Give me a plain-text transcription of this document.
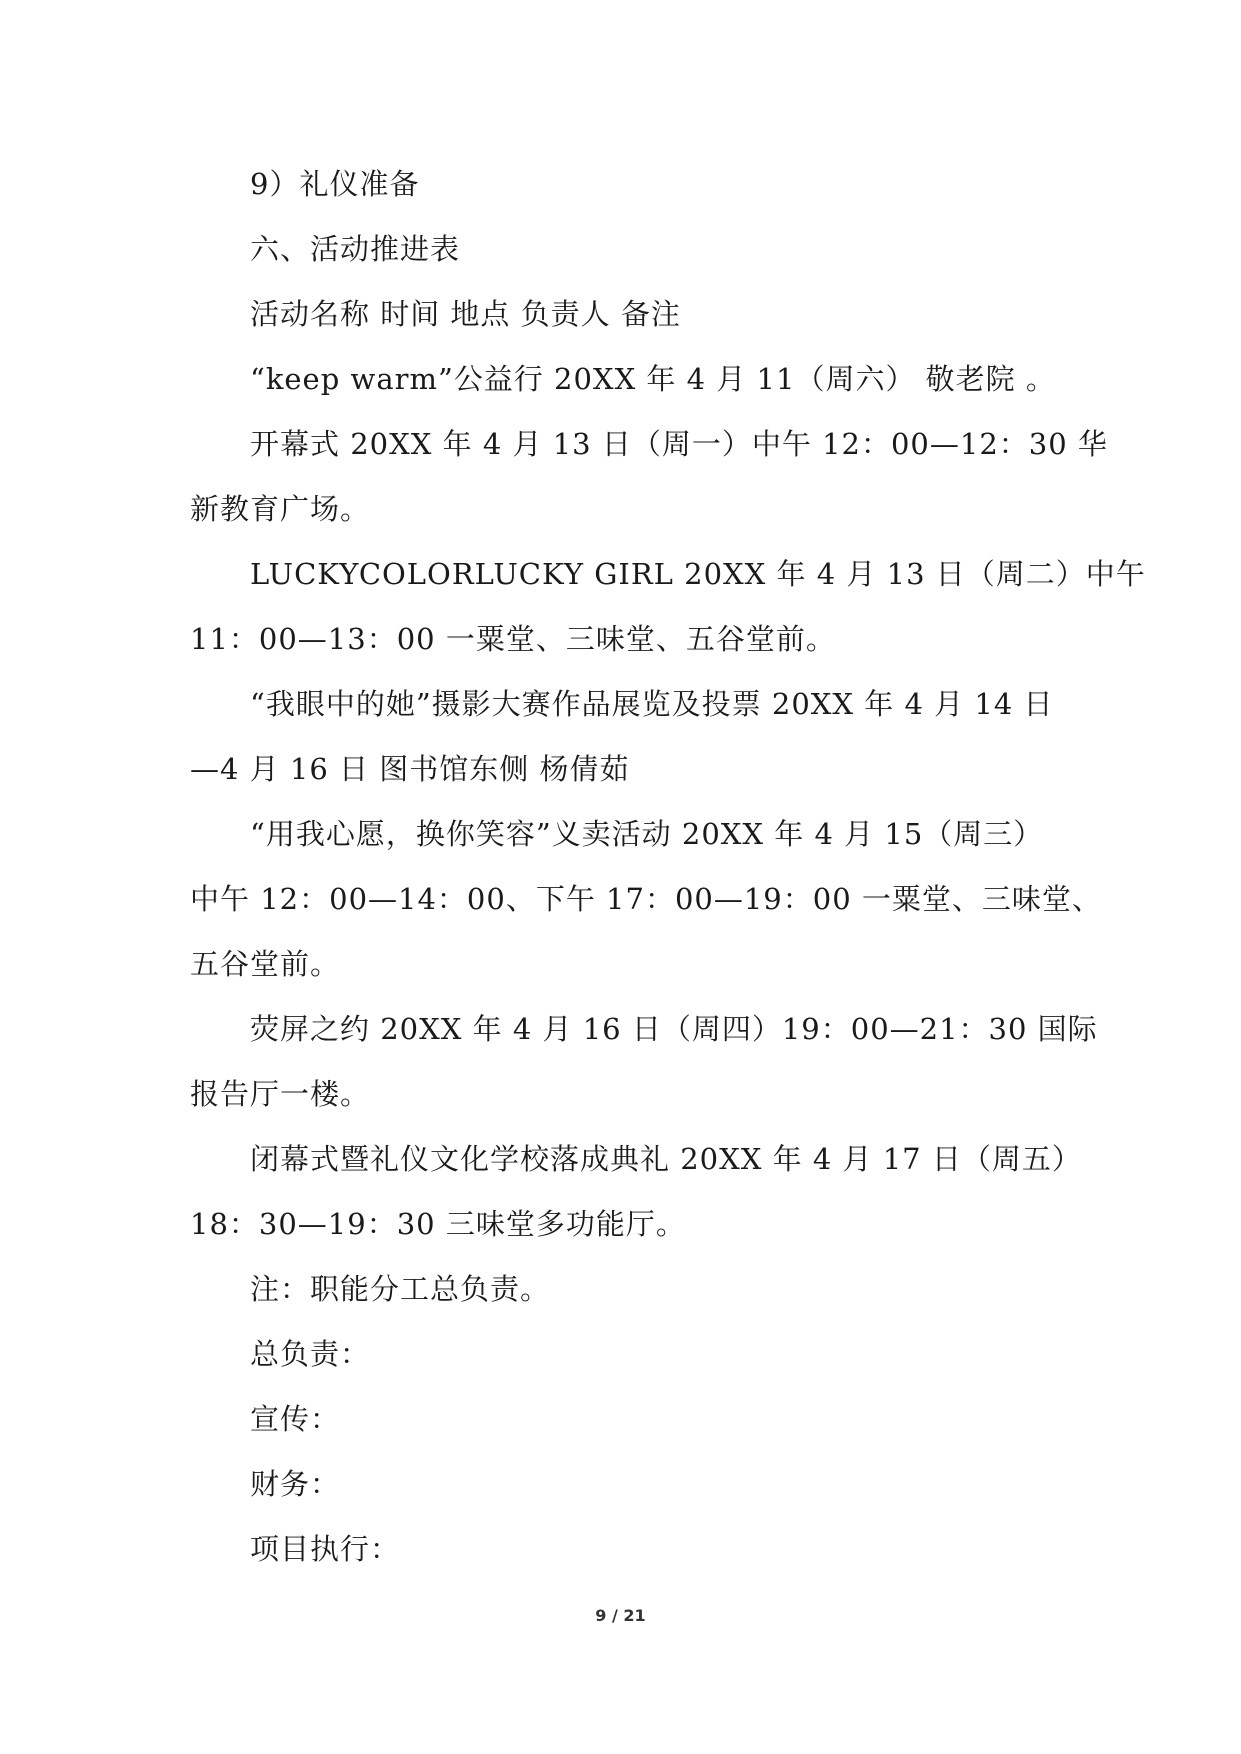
9）礼仪准备
六、活动推进表
活动名称 时间 地点 负责人 备注
“keep warm”公益行 20XX 年 4 月 11（周六） 敬老院 。
开幕式 20XX 年 4 月 13 日（周一）中午 12：00—12：30 华
新教育广场。
LUCKYCOLORLUCKY GIRL 20XX 年 4 月 13 日（周二）中午
11：00—13：00 一粟堂、三味堂、五谷堂前。
“我眼中的她”摄影大赛作品展览及投票 20XX 年 4 月 14 日
—4 月 16 日 图书馆东侧 杨倩茹
“用我心愿，换你笑容”义卖活动 20XX 年 4 月 15（周三）
中午 12：00—14：00、下午 17：00—19：00 一粟堂、三味堂、
五谷堂前。
荧屏之约 20XX 年 4 月 16 日（周四）19：00—21：30 国际
报告厅一楼。
闭幕式暨礼仪文化学校落成典礼 20XX 年 4 月 17 日（周五）
18：30—19：30 三味堂多功能厅。
注：职能分工总负责。
总负责：
宣传：
财务：
项目执行：
9 / 21
